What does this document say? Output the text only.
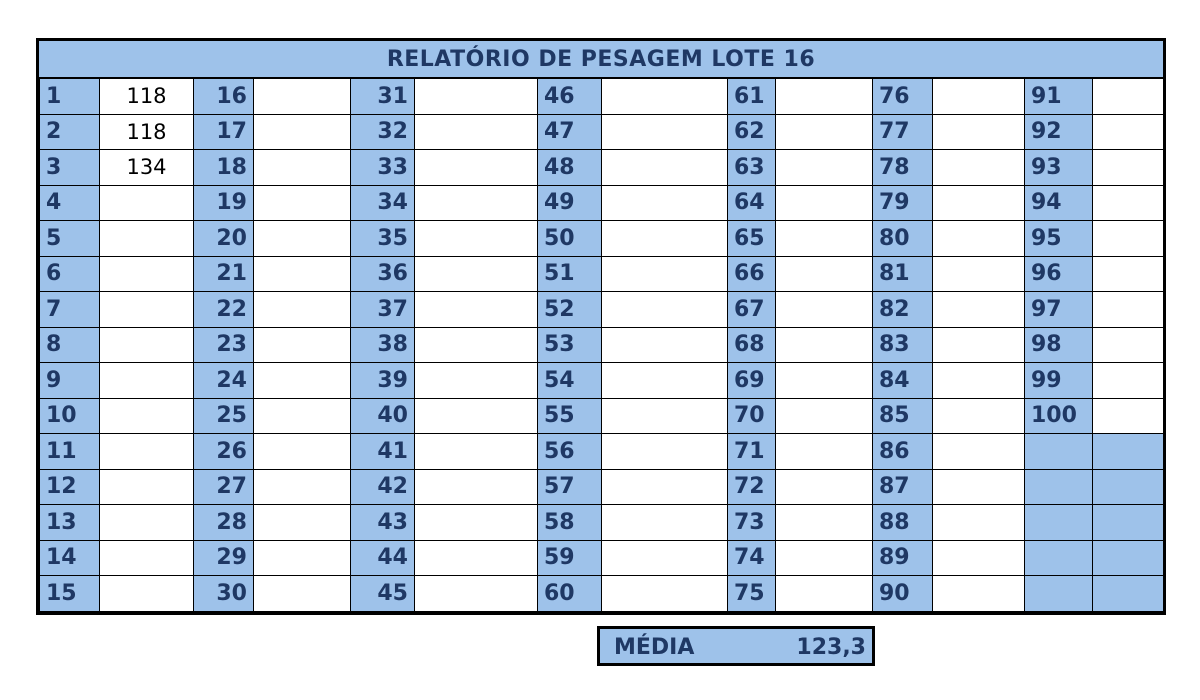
RELATÓRIO DE PESAGEM LOTE 16
1	118	16		31		46		61		76		91	
2	118	17		32		47		62		77		92	
3	134	18		33		48		63		78		93	
4		19		34		49		64		79		94	
5		20		35		50		65		80		95	
6		21		36		51		66		81		96	
7		22		37		52		67		82		97	
8		23		38		53		68		83		98	
9		24		39		54		69		84		99	
10		25		40		55		70		85		100	
11		26		41		56		71		86			
12		27		42		57		72		87			
13		28		43		58		73		88			
14		29		44		59		74		89			
15		30		45		60		75		90			
MÉDIA	123,3
